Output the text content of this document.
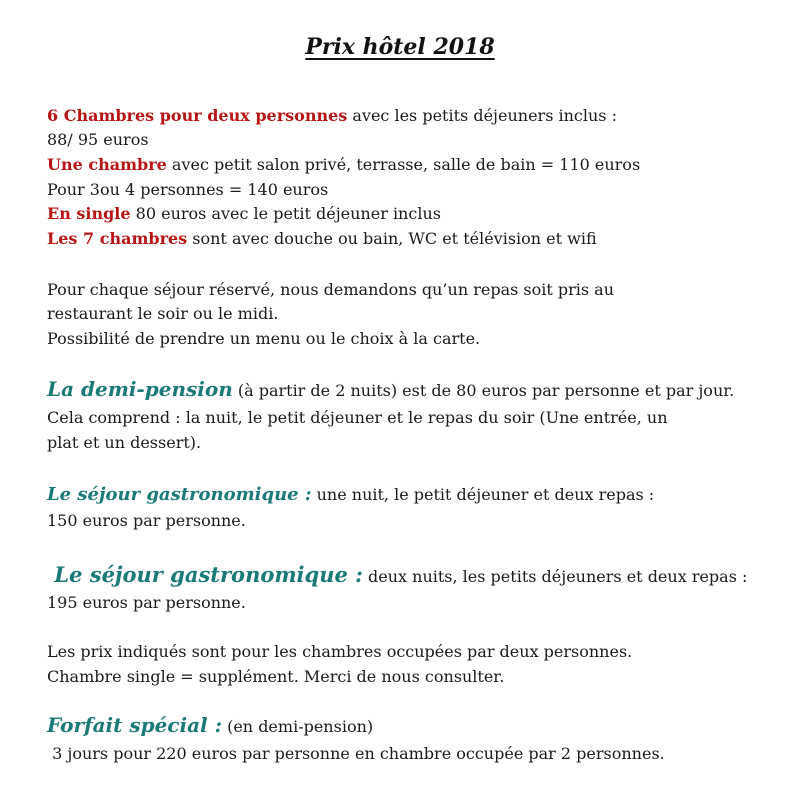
Prix hôtel 2018
6 Chambres pour deux personnes avec les petits déjeuners inclus :
88/ 95 euros
Une chambre avec petit salon privé, terrasse, salle de bain = 110 euros
Pour 3ou 4 personnes = 140 euros
En single 80 euros avec le petit déjeuner inclus
Les 7 chambres sont avec douche ou bain, WC et télévision et wifi
Pour chaque séjour réservé, nous demandons qu’un repas soit pris au
restaurant le soir ou le midi.
Possibilité de prendre un menu ou le choix à la carte.
La demi-pension (à partir de 2 nuits) est de 80 euros par personne et par jour.
Cela comprend : la nuit, le petit déjeuner et le repas du soir (Une entrée, un
plat et un dessert).
Le séjour gastronomique : une nuit, le petit déjeuner et deux repas :
150 euros par personne.
Le séjour gastronomique : deux nuits, les petits déjeuners et deux repas :
195 euros par personne.
Les prix indiqués sont pour les chambres occupées par deux personnes.
Chambre single = supplément. Merci de nous consulter.
Forfait spécial : (en demi-pension)
3 jours pour 220 euros par personne en chambre occupée par 2 personnes.
